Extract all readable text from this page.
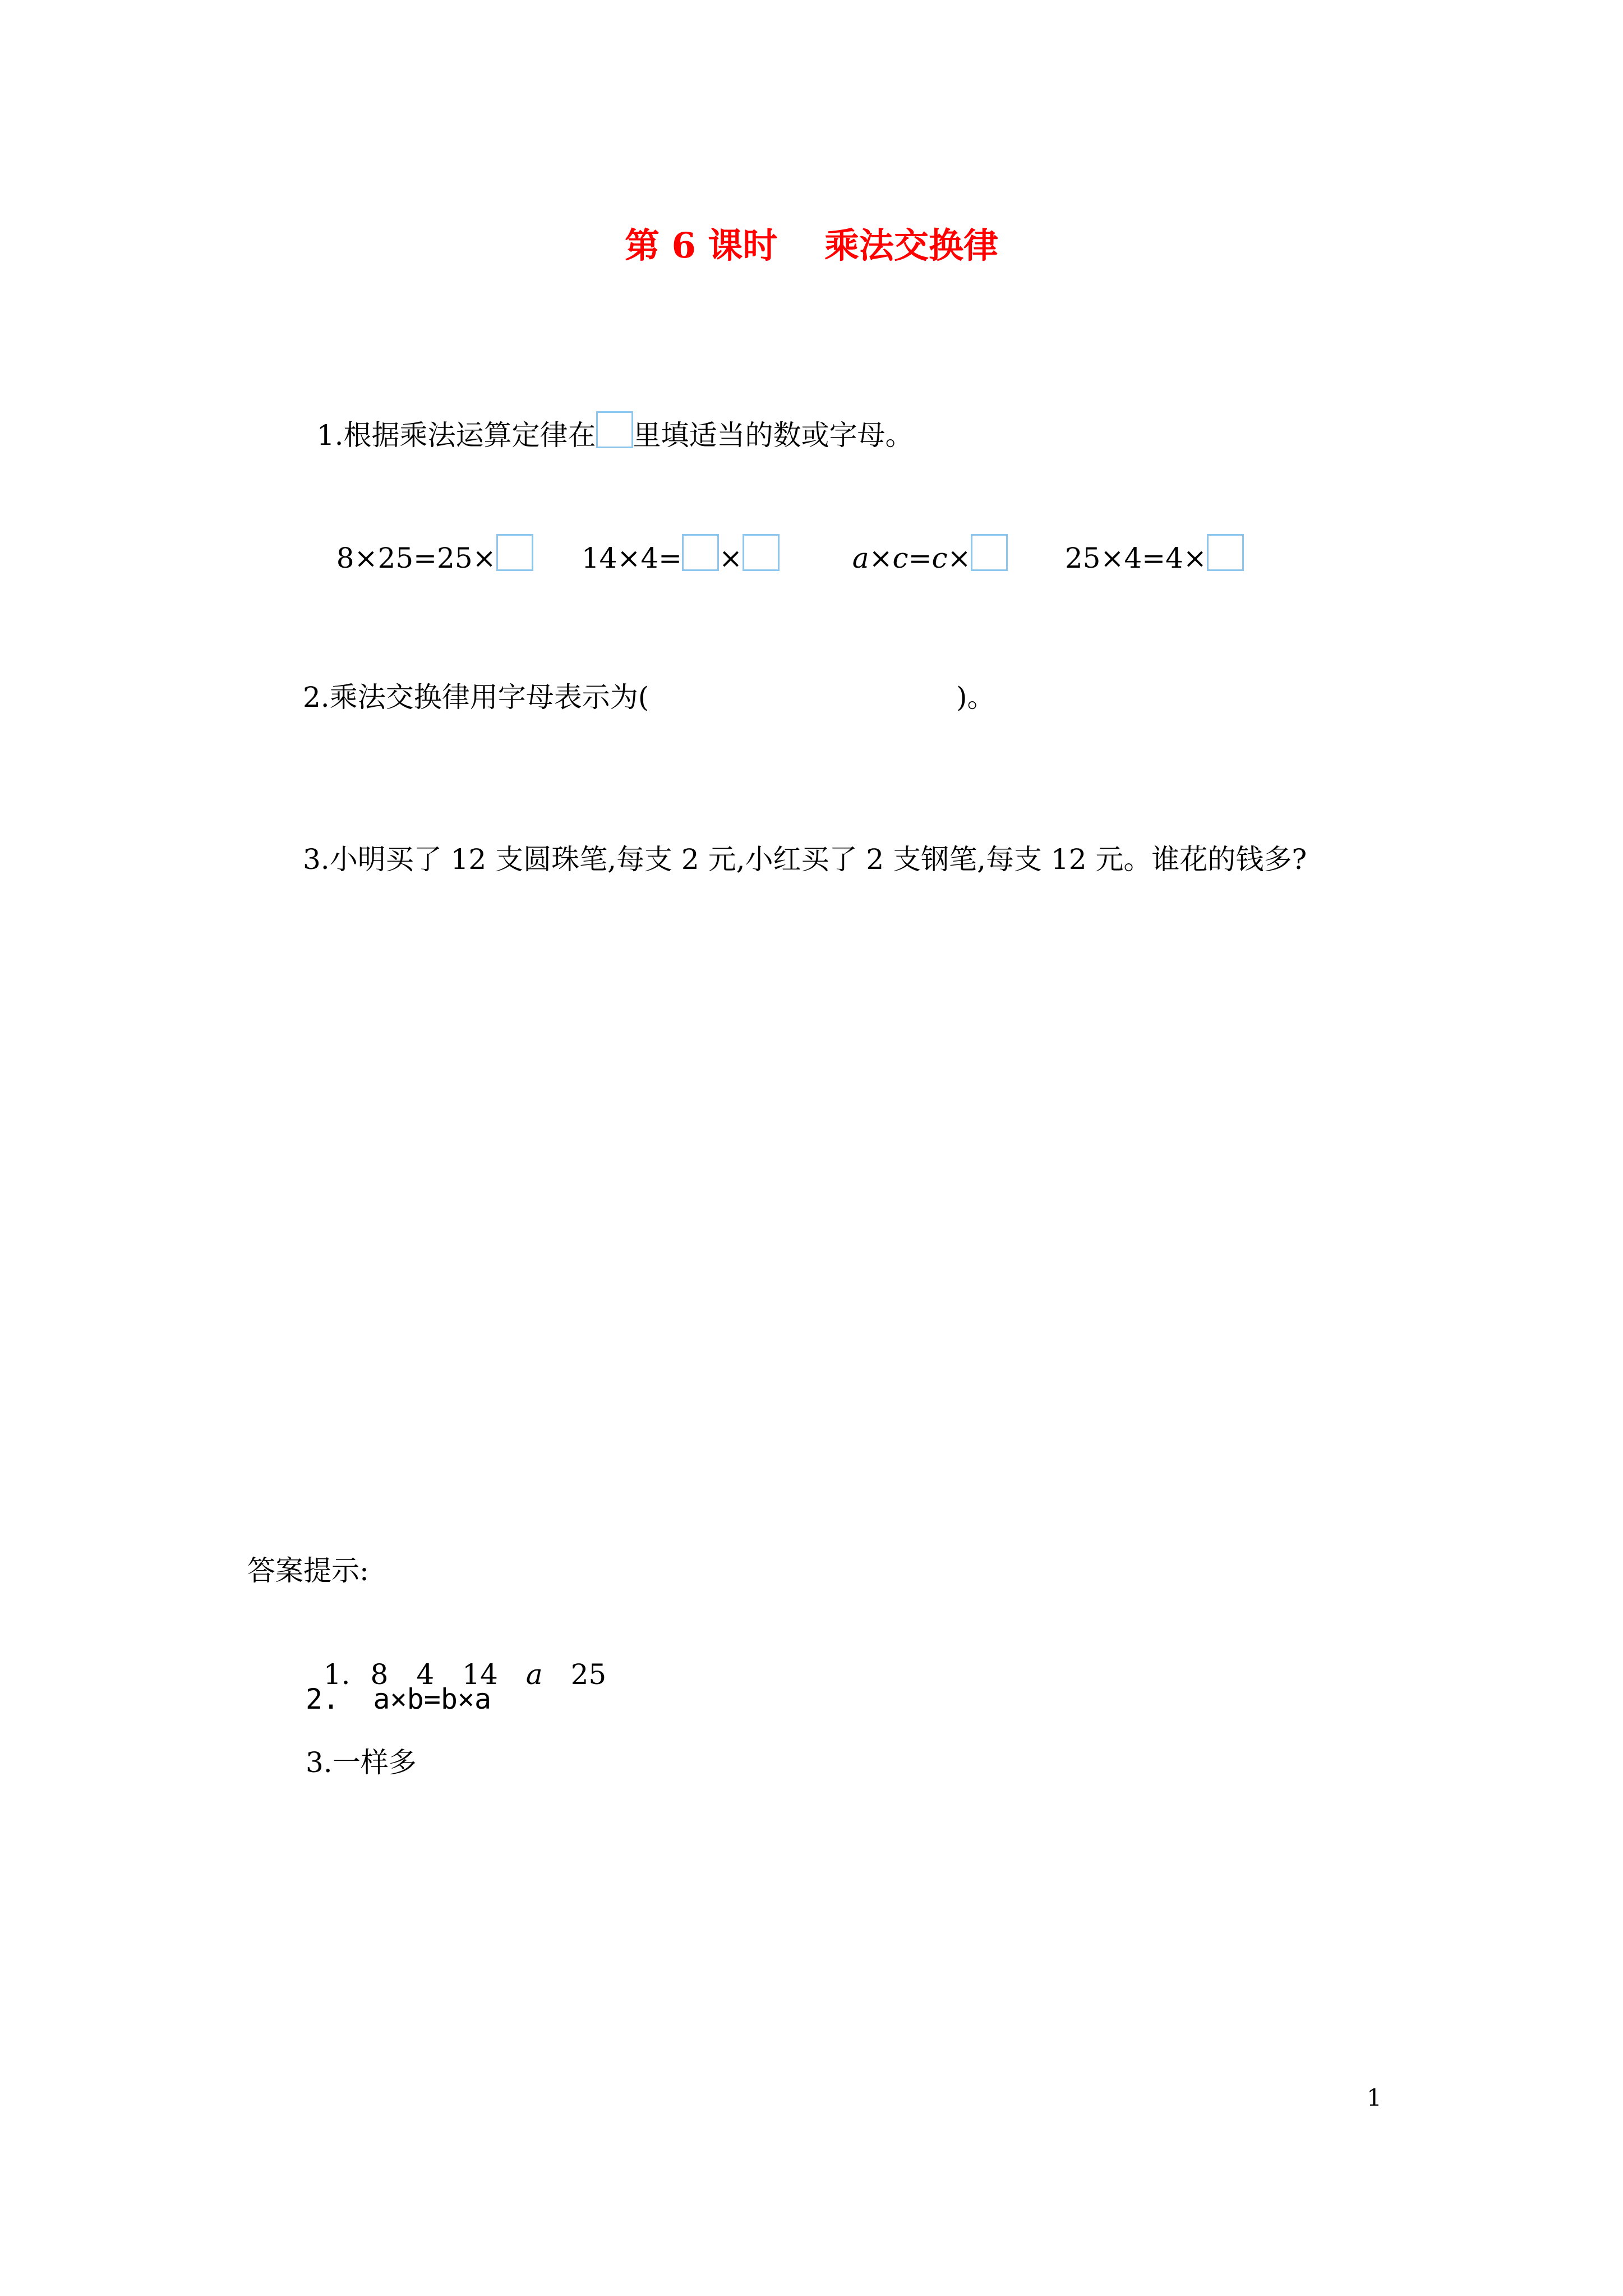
第 6 课时　 乘法交换律

1.根据乘法运算定律在 里填适当的数或字母。

8×25=25×	14×4= ×	a×c=c×	25×4=4×

2.乘法交换律用字母表示为(	)。
3.小明买了 12 支圆珠笔,每支 2 元,小红买了 2 支钢笔,每支 12 元。谁花的钱多?
答案提示:

1. 8 4 14 a 25

2.  a×b=b×a
3.一样多
1
